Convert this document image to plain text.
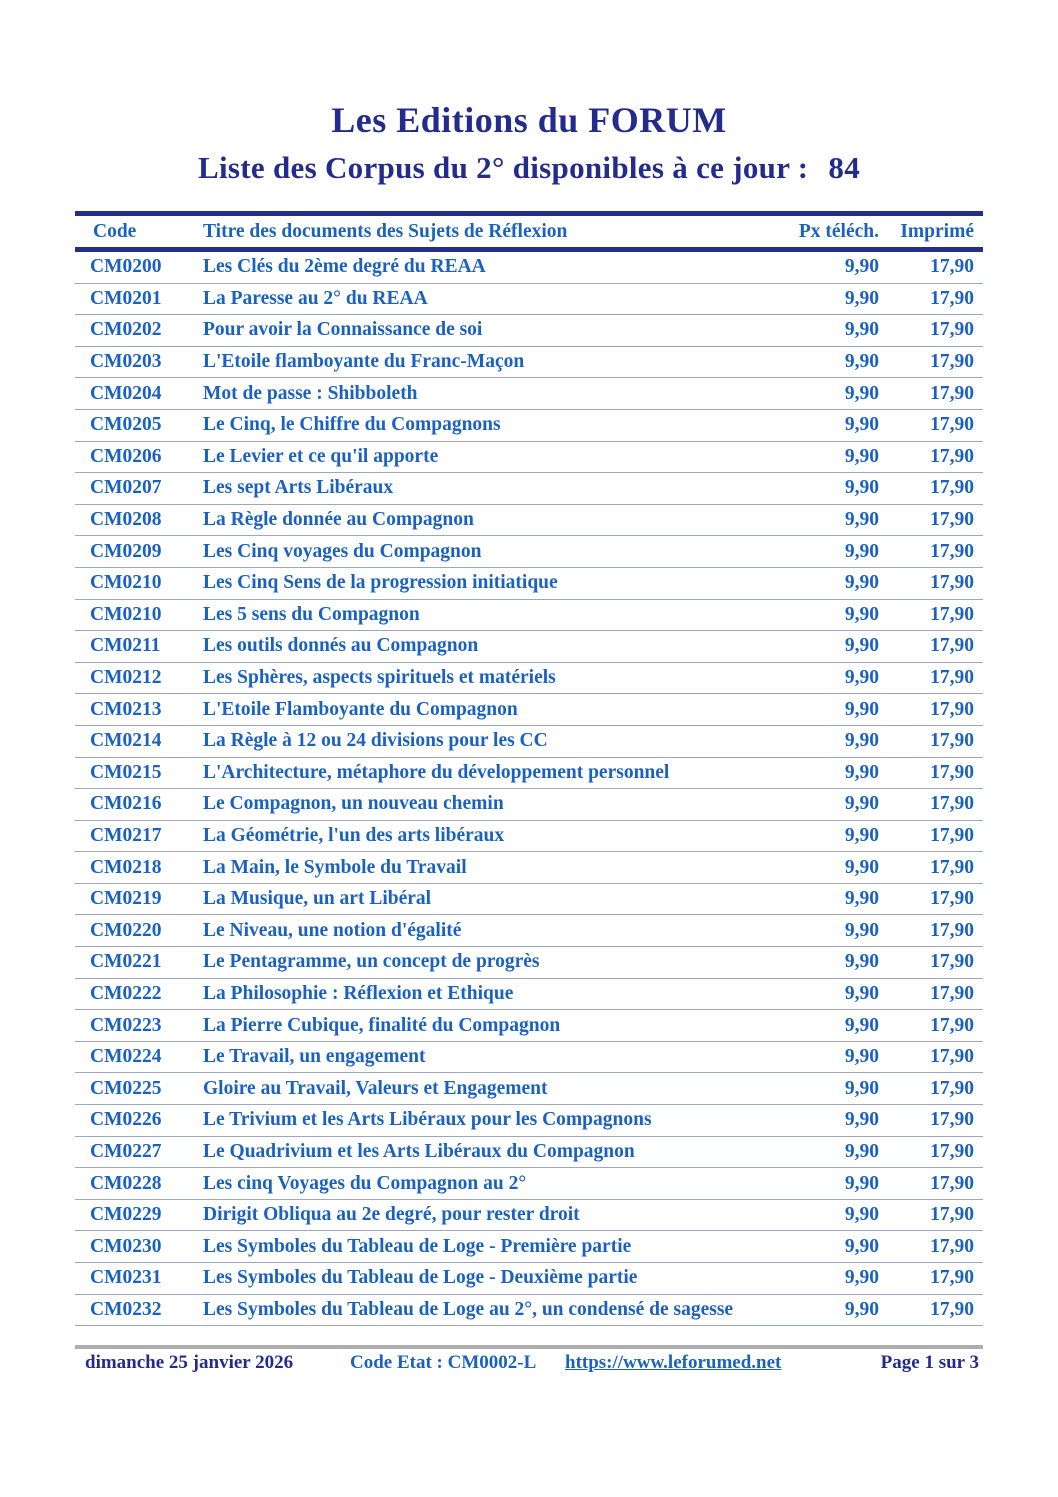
Les Editions du FORUM
Liste des Corpus du 2° disponibles à ce jour : 84
Code	Titre des documents des Sujets de Réflexion	Px téléch.	Imprimé
CM0200	Les Clés du 2ème degré du REAA	9,90	17,90
CM0201	La Paresse au 2° du REAA	9,90	17,90
CM0202	Pour avoir la Connaissance de soi	9,90	17,90
CM0203	L'Etoile flamboyante du Franc-Maçon	9,90	17,90
CM0204	Mot de passe : Shibboleth	9,90	17,90
CM0205	Le Cinq, le Chiffre du Compagnons	9,90	17,90
CM0206	Le Levier et ce qu'il apporte	9,90	17,90
CM0207	Les sept Arts Libéraux	9,90	17,90
CM0208	La Règle donnée au Compagnon	9,90	17,90
CM0209	Les Cinq voyages du Compagnon	9,90	17,90
CM0210	Les Cinq Sens de la progression initiatique	9,90	17,90
CM0210	Les 5 sens du Compagnon	9,90	17,90
CM0211	Les outils donnés au Compagnon	9,90	17,90
CM0212	Les Sphères, aspects spirituels et matériels	9,90	17,90
CM0213	L'Etoile Flamboyante du Compagnon	9,90	17,90
CM0214	La Règle à 12 ou 24 divisions pour les CC	9,90	17,90
CM0215	L'Architecture, métaphore du développement personnel	9,90	17,90
CM0216	Le Compagnon, un nouveau chemin	9,90	17,90
CM0217	La Géométrie, l'un des arts libéraux	9,90	17,90
CM0218	La Main, le Symbole du Travail	9,90	17,90
CM0219	La Musique, un art Libéral	9,90	17,90
CM0220	Le Niveau, une notion d'égalité	9,90	17,90
CM0221	Le Pentagramme, un concept de progrès	9,90	17,90
CM0222	La Philosophie : Réflexion et Ethique	9,90	17,90
CM0223	La Pierre Cubique, finalité du Compagnon	9,90	17,90
CM0224	Le Travail, un engagement	9,90	17,90
CM0225	Gloire au Travail, Valeurs et Engagement	9,90	17,90
CM0226	Le Trivium et les Arts Libéraux pour les Compagnons	9,90	17,90
CM0227	Le Quadrivium et les Arts Libéraux du Compagnon	9,90	17,90
CM0228	Les cinq Voyages du Compagnon au 2°	9,90	17,90
CM0229	Dirigit Obliqua au 2e degré, pour rester droit	9,90	17,90
CM0230	Les Symboles du Tableau de Loge - Première partie	9,90	17,90
CM0231	Les Symboles du Tableau de Loge - Deuxième partie	9,90	17,90
CM0232	Les Symboles du Tableau de Loge au 2°, un condensé de sagesse	9,90	17,90
dimanche 25 janvier 2026	Code Etat : CM0002-L https://www.leforumed.net	Page 1 sur 3
